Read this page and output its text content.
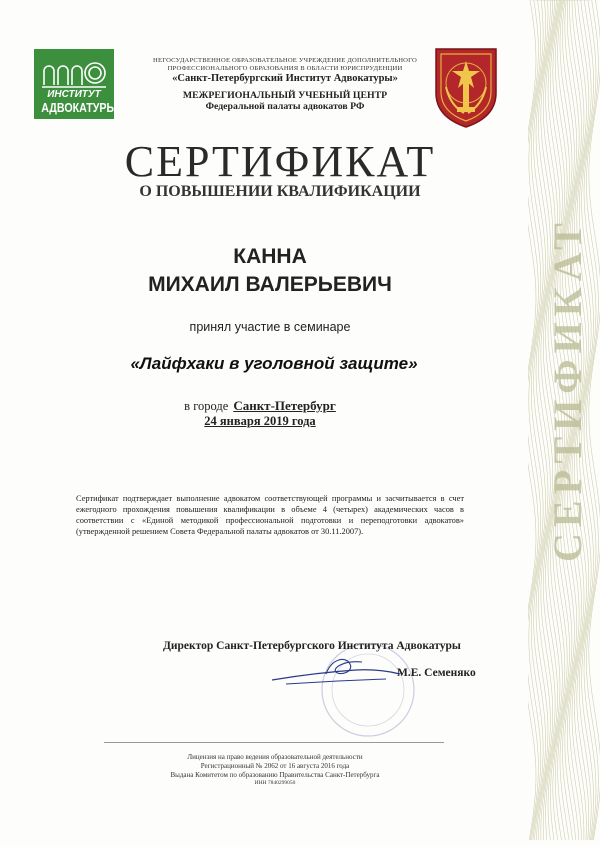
СЕРТИФИКАТ
ИНСТИТУТ
АДВОКАТУРЫ
НЕГОСУДАРСТВЕННОЕ ОБРАЗОВАТЕЛЬНОЕ УЧРЕЖДЕНИЕ ДОПОЛНИТЕЛЬНОГО ПРОФЕССИОНАЛЬНОГО ОБРАЗОВАНИЯ В ОБЛАСТИ ЮРИСПРУДЕНЦИИ
«Санкт-Петербургский Институт Адвокатуры»
МЕЖРЕГИОНАЛЬНЫЙ УЧЕБНЫЙ ЦЕНТР
Федеральной палаты адвокатов РФ
СЕРТИФИКАТ
О ПОВЫШЕНИИ КВАЛИФИКАЦИИ
КАННА
МИХАИЛ ВАЛЕРЬЕВИЧ
принял участие в семинаре
«Лайфхаки в уголовной защите»
в городе Санкт-Петербург
24 января 2019 года
Сертификат подтверждает выполнение адвокатом соответствующей программы и засчитывается в счет ежегодного прохождения повышения квалификации в объеме 4 (четырех) академических часов в соответствии с «Единой методикой профессиональной подготовки и переподготовки адвокатов» (утвержденной решением Совета Федеральной палаты адвокатов от 30.11.2007).
Директор Санкт-Петербургского Института Адвокатуры
М.Е. Семеняко
Лицензия на право ведения образовательной деятельности
Регистрационный № 2062 от 16 августа 2016 года
Выдана Комитетом по образованию Правительства Санкт-Петербурга
ИНН 7840299050
